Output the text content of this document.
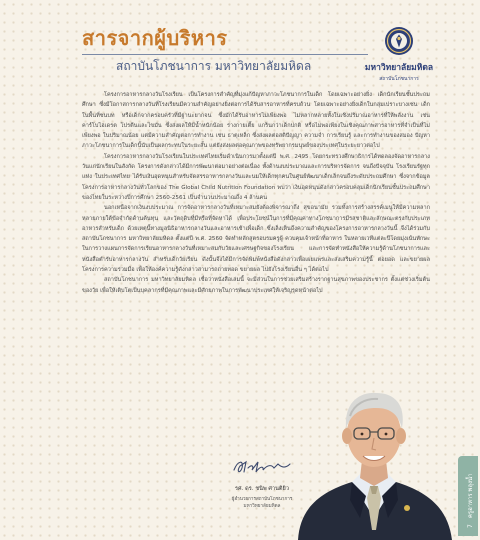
สารจากผู้บริหาร
สถาบันโภชนาการ มหาวิทยาลัยมหิดล	มหาวิทยาลัยมหิดล
สถาบันโภชนาการ

โครงการอาหารกลางวันโรงเรียน เป็นโครงการสำคัญที่มุ่งแก้ปัญหาภาวะโภชนาการในเด็ก โดยเฉพาะอย่างยิ่ง เด็กนักเรียนชั้นประถมศึกษา ซึ่งมีโอกาสการกลางวันที่โรงเรียนมีความสำคัญอย่างยิ่งต่อการได้รับสารอาหารที่ครบถ้วน โดยเฉพาะอย่างยิ่งเด็กในกลุ่มเปราะบางเช่น เด็กในพื้นที่ชนบท หรือเด็กจากครอบครัวที่มีฐานะยากจน ซึ่งมักได้รับอาหารไม่เพียงพอ ไม่หลากหลายทั้งในเชิงปริมาณอาหารที่ให้พลังงาน เช่น คาร์โบไฮเดรต โปรตีนและไขมัน ซึ่งส่งผลให้มีน้ำหนักน้อย ร่างกายเตี้ย แกร็นกว่าเด็กปกติ หรือไม่พอเพียงในเชิงคุณภาพสารอาหารที่จำเป็นที่ไม่เพียงพอ ในปริมาณน้อย แต่มีความสำคัญต่อการทำงาน เช่น ธาตุเหล็ก ซึ่งส่งผลต่อสติปัญญา ความจำ การเรียนรู้ และการทำงานของสมอง ปัญหาภาวะโภชนาการในเด็กนี้นับเป็นผลกระทบในระยะสั้น แต่ยังส่งผลต่อคุณภาพของทรัพยากรมนุษย์ของประเทศในระยะยาวต่อไป

โครงการอาหารกลางวันโรงเรียนในประเทศไทยเริ่มดำเนินการมาตั้งแต่ปี พ.ศ. 2495 โดยกระทรวงศึกษาธิการได้ทดลองจัดอาหารกลางวันแก่นักเรียนในสังกัด โครงการดังกล่าวได้มีการพัฒนาต่อมาอย่างต่อเนื่อง ทั้งด้านงบประมาณและการบริหารจัดการ จนถึงปัจจุบัน โรงเรียนรัฐทุกแห่ง ในประเทศไทย ได้รับเงินอุดหนุนสำหรับจัดสรรอาหารกลางวันและนมให้เด็กทุกคนในศูนย์พัฒนาเด็กเล็กจนถึงระดับประถมศึกษา ซึ่งจากข้อมูลโครงการอาหารกลางวันทั่วโลกของ The Global Child Nutrition Foundation พบว่า เงินอุดหนุนดังกล่าวครอบคลุมเด็กนักเรียนชั้นประถมศึกษาของไทยในระหว่างปีการศึกษา 2560-2561 เป็นจำนวนประมาณถึง 4 ล้านคน

นอกเหนือจากเงินงบประมาณ การจัดอาหารกลางวันที่เหมาะสมยังต้องพิจารณาถึง สุขอนามัย รวมทั้งการสร้างสรรค์เมนูให้มีความหลากหลายภายใต้ข้อจำกัดด้านต้นทุน และวัตถุดิบที่มีหรือที่จัดหาได้ เพื่อประโยชน์ในการที่มีคุณค่าทางโภชนาการมีรสชาติและลักษณะตรงกับประเภทอาหารสำหรับเด็ก ด้วยเหตุนี้ทางมูลนิธิอาหารกลางวันและอาหารเช้าเพื่อเด็ก ซึ่งเล็งเห็นถึงความสำคัญของโครงการอาหารกลางวันนี้ จึงได้ร่วมกับสถาบันโภชนาการ มหาวิทยาลัยมหิดล ตั้งแต่ปี พ.ศ. 2560 จัดทำหลักสูตรอบรมครูผู้ ควบคุมเจ้าหน้าที่อาหาร ในหลายเวทีแต่ละปีโดยมุ่งเน้นทักษะในการวางแผนการจัดการเรียนอาหารกลางวันที่เหมาะสมกับวัยและเศรษฐกิจของโรงเรียน และการจัดทำหนังสือให้ความรู้ด้านโภชนาการและหนังสือตำรับอาหารกลางวัน สำหรับเด็กวัยเรียน ดังนั้นจึงได้มีการจัดพิมพ์หนังสือดังกล่าวเพื่อเผยแพร่และส่งเสริมความรู้นี้ ต่อยอด และขยายผลโครงการความร่วมมือ เพื่อให้องค์ความรู้ดังกล่าวสามารถถ่ายทอด ขยายผล ไปยังโรงเรียนอื่น ๆ ได้ต่อไป

สถาบันโภชนาการ มหาวิทยาลัยมหิดล เชื่อว่าหนังสือเล่มนี้ จะมีส่วนในการช่วยเสริมสร้างรากฐานสุขภาพของประชากร ตั้งแต่ช่วงเริ่มต้นของวัย เพื่อให้เติบโตเป็นบุคลากรที่มีคุณภาพและมีศักยภาพในการพัฒนาประเทศให้เจริญรุดหน้าต่อไป

รศ. ดร. ชนิพ ศานติยิว
ผู้อำนวยการสถาบันโภชนาการ
มหาวิทยาลัยมหิดล
7ครูอาหาร พลุงน้ำ
